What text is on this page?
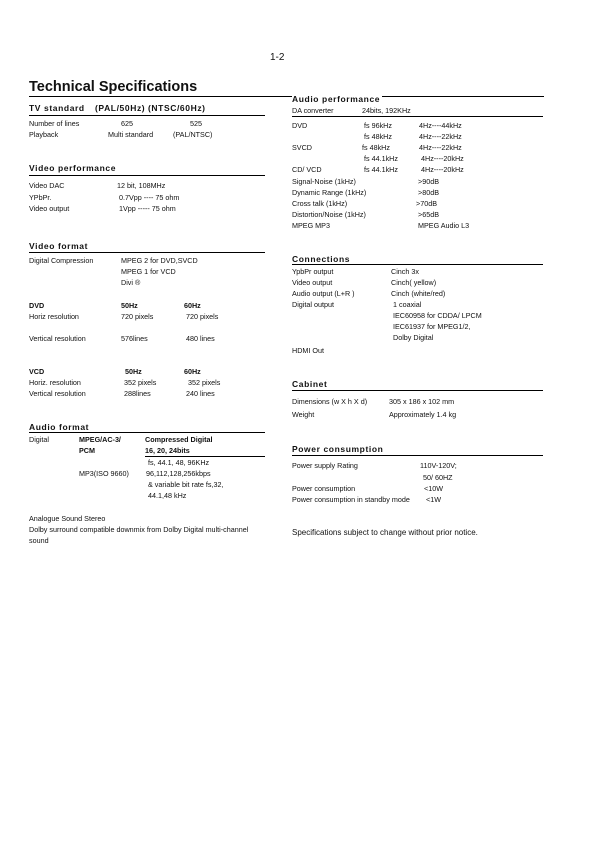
1-2
Technical Specifications
TV standard (PAL/50Hz) (NTSC/60Hz)
Number of lines	625	525
Playback	Multi standard	(PAL/NTSC)
Video performance
Video DAC	12 bit, 108MHz
YPbPr.	0.7Vpp ---- 75 ohm
Video output	1Vpp ----- 75 ohm
Video format
Digital Compression	MPEG 2 for DVD,SVCD
MPEG 1 for VCD
Divi ®
DVD	50Hz	60Hz
Horiz resolution	720 pixels	720 pixels
Vertical resolution	576lines	480 lines
VCD	50Hz	60Hz
Horiz. resolution	352 pixels	352 pixels
Vertical resolution	288lines	240 lines
Audio format
Digital	MPEG/AC-3/	Compressed Digital
PCM	16, 20, 24bits
fs, 44.1, 48, 96KHz
MP3(ISO 9660) 96,112,128,256kbps
& variable bit rate fs,32,
44.1,48 kHz
Analogue Sound Stereo
Dolby surround compatible downmix from Dolby Digital multi-channel
sound
Audio performance
DA converter	24bits, 192KHz
DVD	fs 96kHz	4Hz----44kHz
fs 48kHz	4Hz----22kHz
SVCD	fs 48kHz	4Hz----22kHz
fs 44.1kHz	4Hz----20kHz
CD/ VCD	fs 44.1kHz	4Hz----20kHz
Signal-Noise (1kHz)	>90dB
Dynamic Range (1kHz)	>80dB
Cross talk (1kHz)	>70dB
Distortion/Noise (1kHz)	>65dB
MPEG MP3	MPEG Audio L3
Connections
YpbPr output	Cinch 3x
Video output	Cinch( yellow)
Audio output (L+R )	Cinch (white/red)
Digital output	1 coaxial
IEC60958 for CDDA/ LPCM
IEC61937 for MPEG1/2,
Dolby Digital
HDMI Out
Cabinet
Dimensions (w X h X d)	305 x 186 x 102 mm
Weight	Approximately 1.4 kg
Power consumption
Power supply Rating	110V-120V;
50/ 60HZ
Power consumption	<10W
Power consumption in standby mode <1W
Specifications subject to change without prior notice.
